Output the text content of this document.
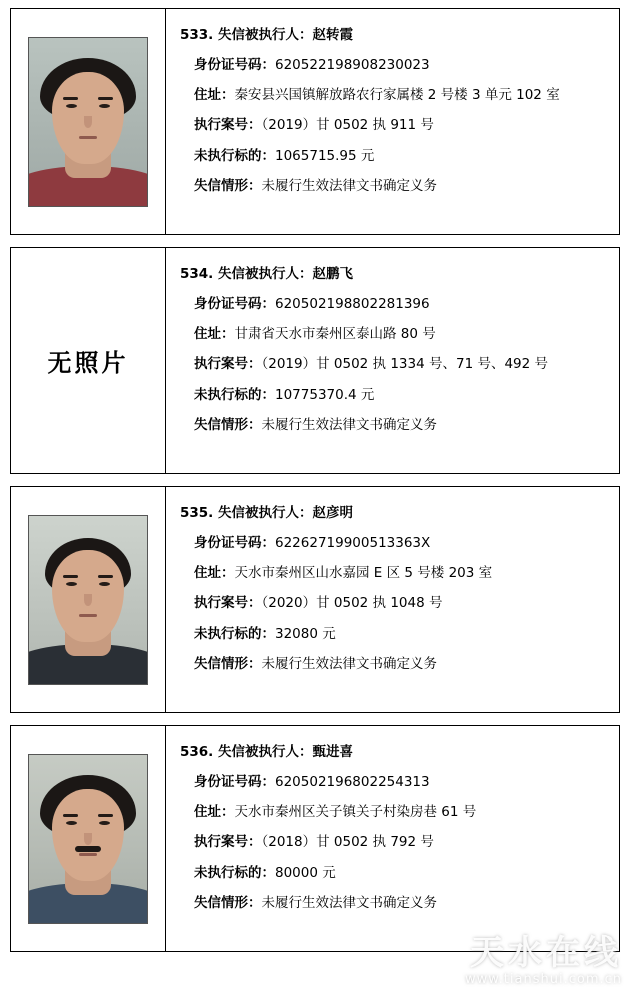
533. 失信被执行人：赵转霞
身份证号码：620522198908230023
住址：秦安县兴国镇解放路农行家属楼 2 号楼 3 单元 102 室
执行案号：（2019）甘 0502 执 911 号
未执行标的：1065715.95 元
失信情形：未履行生效法律文书确定义务
无照片
534. 失信被执行人：赵鹏飞
身份证号码：620502198802281396
住址：甘肃省天水市秦州区泰山路 80 号
执行案号：（2019）甘 0502 执 1334 号、71 号、492 号
未执行标的：10775370.4 元
失信情形：未履行生效法律文书确定义务
535. 失信被执行人：赵彦明
身份证号码：62262719900513363X
住址：天水市秦州区山水嘉园 E 区 5 号楼 203 室
执行案号：（2020）甘 0502 执 1048 号
未执行标的：32080 元
失信情形：未履行生效法律文书确定义务
536. 失信被执行人：甄进喜
身份证号码：620502196802254313
住址：天水市秦州区关子镇关子村染房巷 61 号
执行案号：（2018）甘 0502 执 792 号
未执行标的：80000 元
失信情形：未履行生效法律文书确定义务
天水在线
www.tianshui.com.cn
